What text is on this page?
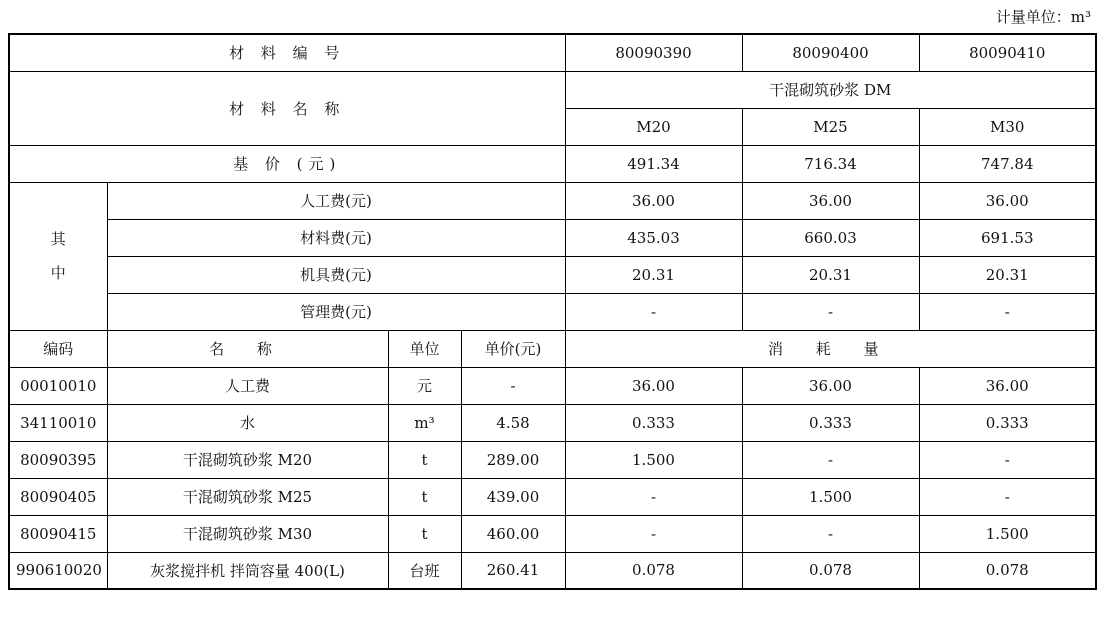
计量单位：m³
材 料 编 号				80090390	80090400	80090410
材 料 名 称				干混砌筑砂浆 DM		
				M20	M25	M30
基 价 (元)				491.34	716.34	747.84

其
中	人工费(元)			36.00	36.00	36.00
	材料费(元)			435.03	660.03	691.53
	机具费(元)			20.31	20.31	20.31
	管理费(元)			-	-	-
编码	名 称	单位	单价(元)	消 耗 量		
00010010	人工费	元	-	36.00	36.00	36.00
34110010	水	m³	4.58	0.333	0.333	0.333
80090395	干混砌筑砂浆 M20	t	289.00	1.500	-	-
80090405	干混砌筑砂浆 M25	t	439.00	-	1.500	-
80090415	干混砌筑砂浆 M30	t	460.00	-	-	1.500
990610020	灰浆搅拌机 拌筒容量 400(L)	台班	260.41	0.078	0.078	0.078
